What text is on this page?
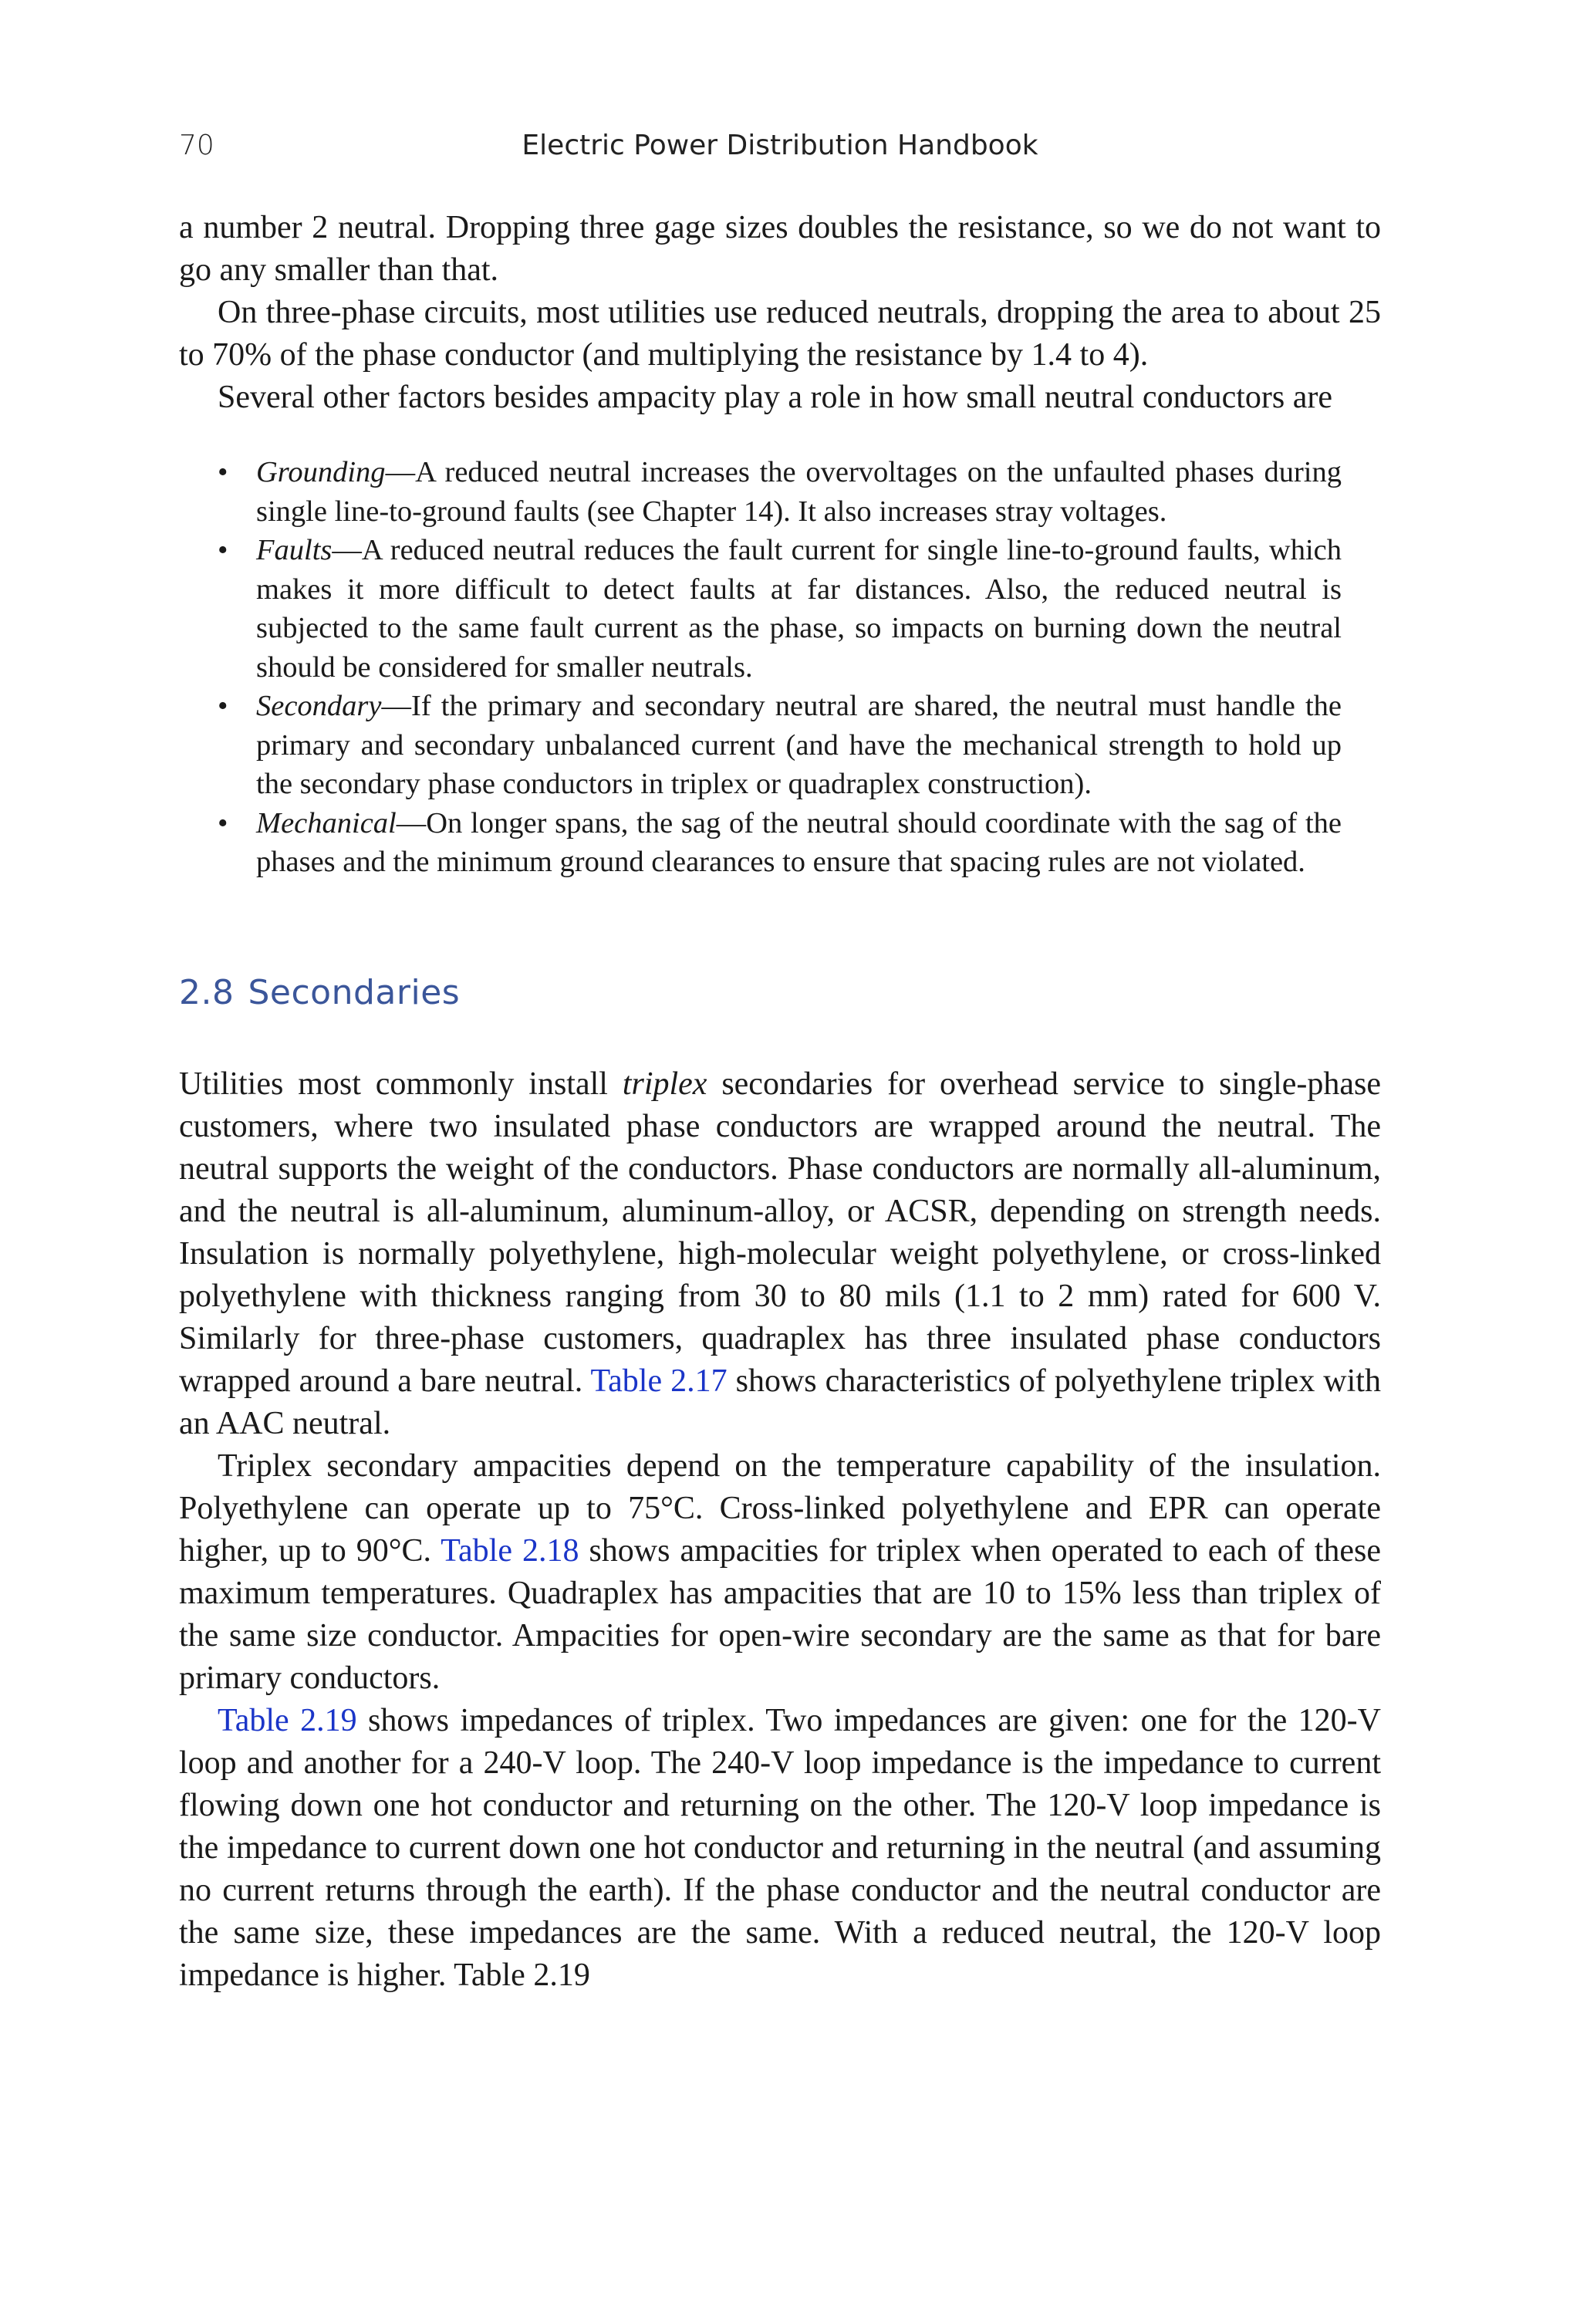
70	Electric Power Distribution Handbook

a number 2 neutral. Dropping three gage sizes doubles the resistance, so we do not want to go any smaller than that.

On three-phase circuits, most utilities use reduced neutrals, dropping the area to about 25 to 70% of the phase conductor (and multiplying the resistance by 1.4 to 4).

Several other factors besides ampacity play a role in how small neutral conductors are

• Grounding—A reduced neutral increases the overvoltages on the unfaulted phases during single line-to-ground faults (see Chapter 14). It also increases stray voltages.
• Faults—A reduced neutral reduces the fault current for single line-to-ground faults, which makes it more difficult to detect faults at far distances. Also, the reduced neutral is subjected to the same fault current as the phase, so impacts on burning down the neutral should be considered for smaller neutrals.
• Secondary—If the primary and secondary neutral are shared, the neutral must handle the primary and secondary unbalanced current (and have the mechanical strength to hold up the secondary phase conductors in triplex or quadraplex construction).
• Mechanical—On longer spans, the sag of the neutral should coordinate with the sag of the phases and the minimum ground clearances to ensure that spacing rules are not violated.
2.8 Secondaries

Utilities most commonly install triplex secondaries for overhead service to single-phase customers, where two insulated phase conductors are wrapped around the neutral. The neutral supports the weight of the conductors. Phase conductors are normally all-aluminum, and the neutral is all-aluminum, aluminum-alloy, or ACSR, depending on strength needs. Insulation is normally polyethylene, high-molecular weight polyethylene, or cross-linked polyethylene with thickness ranging from 30 to 80 mils (1.1 to 2 mm) rated for 600 V. Similarly for three-phase customers, quadraplex has three insulated phase conductors wrapped around a bare neutral. Table 2.17 shows characteristics of polyethylene triplex with an AAC neutral.

Triplex secondary ampacities depend on the temperature capability of the insulation. Polyethylene can operate up to 75°C. Cross-linked polyethylene and EPR can operate higher, up to 90°C. Table 2.18 shows ampacities for triplex when operated to each of these maximum temperatures. Quadraplex has ampacities that are 10 to 15% less than triplex of the same size conductor. Ampacities for open-wire secondary are the same as that for bare primary conductors.

Table 2.19 shows impedances of triplex. Two impedances are given: one for the 120-V loop and another for a 240-V loop. The 240-V loop impedance is the impedance to current flowing down one hot conductor and returning on the other. The 120-V loop impedance is the impedance to current down one hot conductor and returning in the neutral (and assuming no current returns through the earth). If the phase conductor and the neutral conductor are the same size, these impedances are the same. With a reduced neutral, the 120-V loop impedance is higher. Table 2.19
